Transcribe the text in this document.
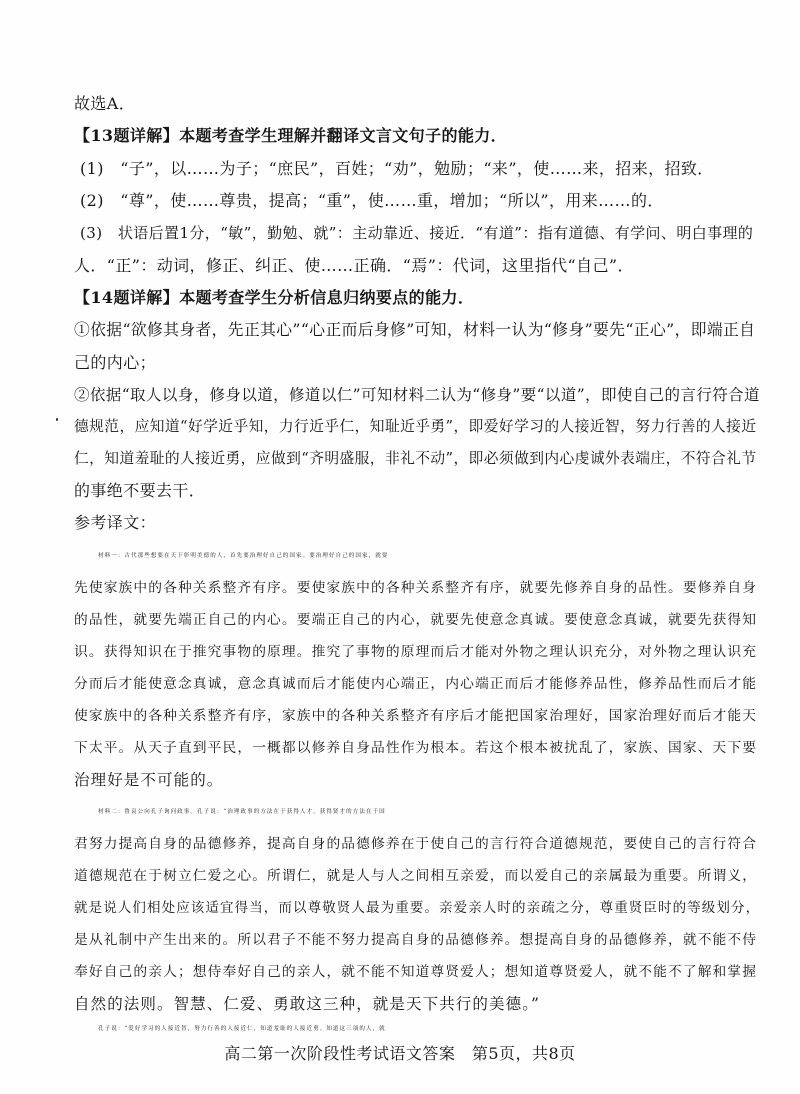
故选A．
【13题详解】本题考查学生理解并翻译文言文句子的能力．
(1)　“子”，以……为子；“庶民”，百姓；“劝”，勉励；“来”，使……来，招来，招致．
(2)　“尊”，使……尊贵，提高；“重”，使……重，增加；“所以”，用来……的．
(3)　状语后置1分，“敏”，勤勉、就”：主动靠近、接近．“有道”：指有道德、有学问、明白事理的
人．“正”：动词，修正、纠正、使……正确．“焉”：代词，这里指代“自己”．
【14题详解】本题考查学生分析信息归纳要点的能力．
①依据“欲修其身者，先正其心”“心正而后身修”可知，材料一认为“修身”要先“正心”，即端正自
己的内心；
②依据“取人以身，修身以道，修道以仁”可知材料二认为“修身”要“以道”，即使自己的言行符合道
德规范，应知道“好学近乎知，力行近乎仁，知耻近乎勇”，即爱好学习的人接近智，努力行善的人接近
仁，知道羞耻的人接近勇，应做到“齐明盛服，非礼不动”，即必须做到内心虔诚外表端庄，不符合礼节
的事绝不要去干．
参考译文：
材料一：古代那些想要在天下彰明美德的人，首先要治理好自己的国家。要治理好自己的国家，就要
先使家族中的各种关系整齐有序。要使家族中的各种关系整齐有序，就要先修养自身的品性。要修养自身
的品性，就要先端正自己的内心。要端正自己的内心，就要先使意念真诚。要使意念真诚，就要先获得知
识。获得知识在于推究事物的原理。推究了事物的原理而后才能对外物之理认识充分，对外物之理认识充
分而后才能使意念真诚，意念真诚而后才能使内心端正，内心端正而后才能修养品性，修养品性而后才能
使家族中的各种关系整齐有序，家族中的各种关系整齐有序后才能把国家治理好，国家治理好而后才能天
下太平。从天子直到平民，一概都以修养自身品性作为根本。若这个根本被扰乱了，家族、国家、天下要
治理好是不可能的。
材料二：鲁哀公向孔子询问政事。孔子说：“治理政事的方法在于获得人才，获得贤才的方法在于国
君努力提高自身的品德修养，提高自身的品德修养在于使自己的言行符合道德规范，要使自己的言行符合
道德规范在于树立仁爱之心。所谓仁，就是人与人之间相互亲爱，而以爱自己的亲属最为重要。所谓义，
就是说人们相处应该适宜得当，而以尊敬贤人最为重要。亲爱亲人时的亲疏之分，尊重贤臣时的等级划分，
是从礼制中产生出来的。所以君子不能不努力提高自身的品德修养。想提高自身的品德修养，就不能不侍
奉好自己的亲人；想侍奉好自己的亲人，就不能不知道尊贤爱人；想知道尊贤爱人，就不能不了解和掌握
自然的法则。智慧、仁爱、勇敢这三种，就是天下共行的美德。”
孔子说：“爱好学习的人接近智，努力行善的人接近仁，知道羞耻的人接近勇。知道这三项的人，就
高二第一次阶段性考试语文答案　第5页，共8页
